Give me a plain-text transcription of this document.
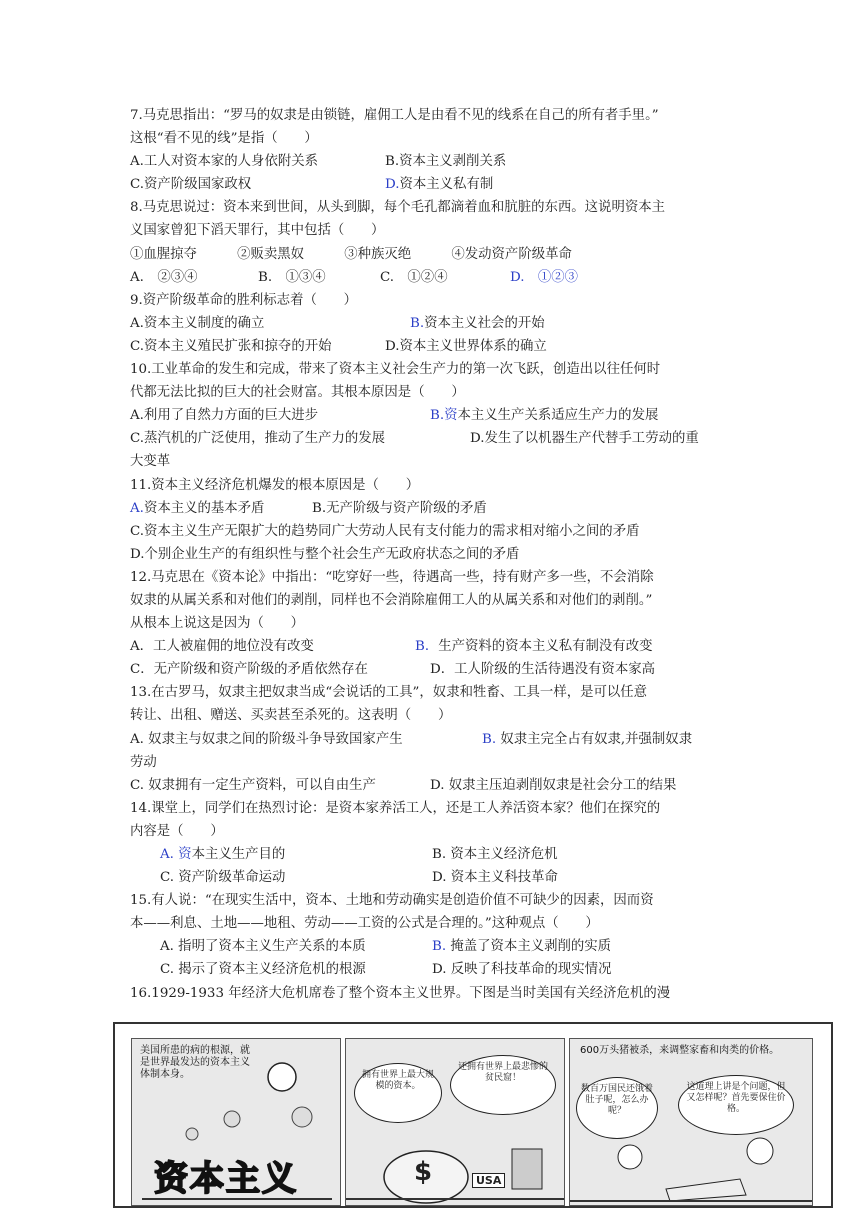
7.马克思指出：“罗马的奴隶是由锁链，雇佣工人是由看不见的线系在自己的所有者手里。”
这根“看不见的线”是指（　　）
A.工人对资本家的人身依附关系	B.资本主义剥削关系
C.资产阶级国家政权	D.资本主义私有制
8.马克思说过：资本来到世间，从头到脚，每个毛孔都滴着血和肮脏的东西。这说明资本主
义国家曾犯下滔天罪行，其中包括（　　）
①血腥掠夺　　　②贩卖黑奴　　　③种族灭绝　　　④发动资产阶级革命
A.　②③④	B.　①③④	C.　①②④	D.　①②③
9.资产阶级革命的胜利标志着（　　）
A.资本主义制度的确立	B.资本主义社会的开始
C.资本主义殖民扩张和掠夺的开始	D.资本主义世界体系的确立
10.工业革命的发生和完成，带来了资本主义社会生产力的第一次飞跃，创造出以往任何时
代都无法比拟的巨大的社会财富。其根本原因是（　　）
A.利用了自然力方面的巨大进步	B.资本主义生产关系适应生产力的发展
C.蒸汽机的广泛使用，推动了生产力的发展	D.发生了以机器生产代替手工劳动的重
大变革
11.资本主义经济危机爆发的根本原因是（　　）
A.资本主义的基本矛盾	B.无产阶级与资产阶级的矛盾
C.资本主义生产无限扩大的趋势同广大劳动人民有支付能力的需求相对缩小之间的矛盾
D.个别企业生产的有组织性与整个社会生产无政府状态之间的矛盾
12.马克思在《资本论》中指出：“吃穿好一些，待遇高一些，持有财产多一些，不会消除
奴隶的从属关系和对他们的剥削，同样也不会消除雇佣工人的从属关系和对他们的剥削。”
从根本上说这是因为（　　）
A．工人被雇佣的地位没有改变	B．生产资料的资本主义私有制没有改变
C．无产阶级和资产阶级的矛盾依然存在	D．工人阶级的生活待遇没有资本家高
13.在古罗马，奴隶主把奴隶当成“会说话的工具”，奴隶和牲畜、工具一样，是可以任意
转让、出租、赠送、买卖甚至杀死的。这表明（　　）
A. 奴隶主与奴隶之间的阶级斗争导致国家产生	B. 奴隶主完全占有奴隶,并强制奴隶
劳动
C. 奴隶拥有一定生产资料，可以自由生产	D. 奴隶主压迫剥削奴隶是社会分工的结果
14.课堂上，同学们在热烈讨论：是资本家养活工人，还是工人养活资本家？他们在探究的
内容是（　　）
A. 资本主义生产目的	B. 资本主义经济危机
C. 资产阶级革命运动	D. 资本主义科技革命
15.有人说：“在现实生活中，资本、土地和劳动确实是创造价值不可缺少的因素，因而资
本——利息、土地——地租、劳动——工资的公式是合理的。”这种观点（　　）
A. 指明了资本主义生产关系的本质	B. 掩盖了资本主义剥削的实质
C. 揭示了资本主义经济危机的根源	D. 反映了科技革命的现实情况
16.1929-1933 年经济大危机席卷了整个资本主义世界。下图是当时美国有关经济危机的漫
美国所患的病的根源，就是世界最发达的资本主义体制本身。
资本主义
拥有世界上最大规模的资本。
还拥有世界上最悲惨的贫民窟！
$	USA
600万头猪被杀，来调整家畜和肉类的价格。
数百万国民还饿着肚子呢，怎么办呢？
这道理上讲是个问题，但又怎样呢？首先要保住价格。
